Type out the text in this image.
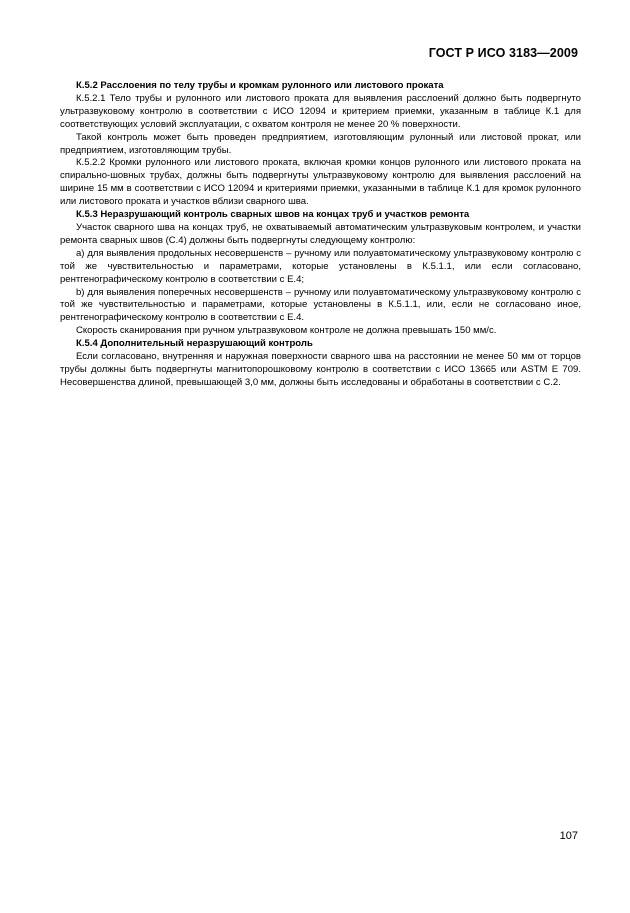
ГОСТ Р ИСО 3183—2009

К.5.2 Расслоения по телу трубы и кромкам рулонного или листового проката

К.5.2.1 Тело трубы и рулонного или листового проката для выявления расслоений должно быть подвергнуто ультразвуковому контролю в соответствии с ИСО 12094 и критерием приемки, указанным в таблице К.1 для соответствующих условий эксплуатации, с охватом контроля не менее 20 % поверхности.

Такой контроль может быть проведен предприятием, изготовляющим рулонный или листовой прокат, или предприятием, изготовляющим трубы.

К.5.2.2 Кромки рулонного или листового проката, включая кромки концов рулонного или листового проката на спирально-шовных трубах, должны быть подвергнуты ультразвуковому контролю для выявления расслоений на ширине 15 мм в соответствии с ИСО 12094 и критериями приемки, указанными в таблице К.1 для кромок рулонного или листового проката и участков вблизи сварного шва.

К.5.3 Неразрушающий контроль сварных швов на концах труб и участков ремонта

Участок сварного шва на концах труб, не охватываемый автоматическим ультразвуковым контролем, и участки ремонта сварных швов (С.4) должны быть подвергнуты следующему контролю:

a) для выявления продольных несовершенств – ручному или полуавтоматическому ультразвуковому контролю с той же чувствительностью и параметрами, которые установлены в К.5.1.1, или если согласовано, рентгенографическому контролю в соответствии с Е.4;

b) для выявления поперечных несовершенств – ручному или полуавтоматическому ультразвуковому контролю с той же чувствительностью и параметрами, которые установлены в К.5.1.1, или, если не согласовано иное, рентгенографическому контролю в соответствии с Е.4.

Скорость сканирования при ручном ультразвуковом контроле не должна превышать 150 мм/с.

К.5.4 Дополнительный неразрушающий контроль

Если согласовано, внутренняя и наружная поверхности сварного шва на расстоянии не менее 50 мм от торцов трубы должны быть подвергнуты магнитопорошковому контролю в соответствии с ИСО 13665 или ASTM E 709. Несовершенства длиной, превышающей 3,0 мм, должны быть исследованы и обработаны в соответствии с С.2.

107
